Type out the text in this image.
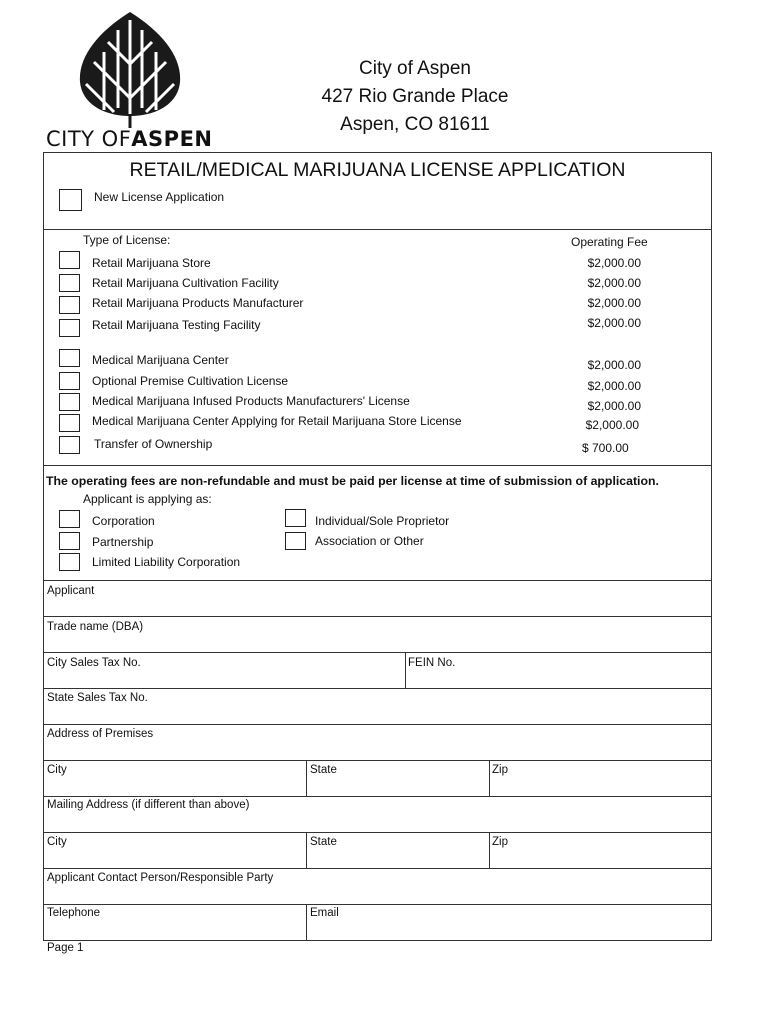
CITY OFASPEN
City of Aspen
427 Rio Grande Place
Aspen, CO 81611
RETAIL/MEDICAL MARIJUANA LICENSE APPLICATION
New License Application
Type of License:	Operating Fee
Retail Marijuana Store	$2,000.00
Retail Marijuana Cultivation Facility	$2,000.00
Retail Marijuana Products Manufacturer	$2,000.00
Retail Marijuana Testing Facility	$2,000.00
Medical Marijuana Center	$2,000.00
Optional Premise Cultivation License	$2,000.00
Medical Marijuana Infused Products Manufacturers' License	$2,000.00
Medical Marijuana Center Applying for Retail Marijuana Store License	$2,000.00
Transfer of Ownership	$ 700.00
The operating fees are non-refundable and must be paid per license at time of submission of application.
Applicant is applying as:
Corporation
Partnership
Limited Liability Corporation
Individual/Sole Proprietor
Association or Other
Applicant
Trade name (DBA)
City Sales Tax No.	FEIN No.
State Sales Tax No.
Address of Premises
City	State	Zip
Mailing Address (if different than above)
City	State	Zip
Applicant Contact Person/Responsible Party
Telephone	Email
Page 1
